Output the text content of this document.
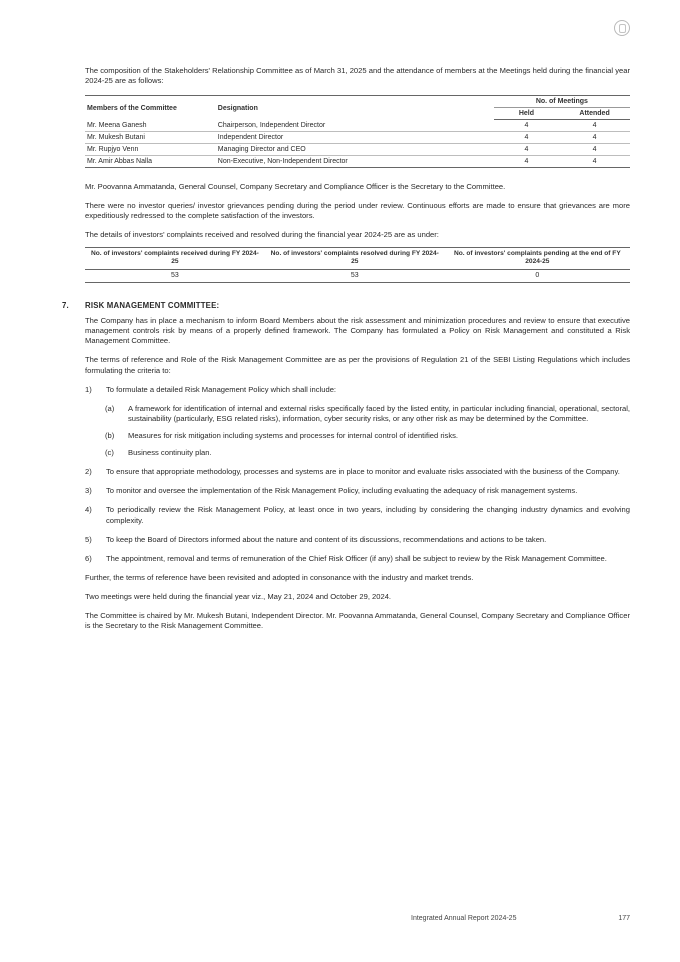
The composition of the Stakeholders' Relationship Committee as of March 31, 2025 and the attendance of members at the Meetings held during the financial year 2024-25 are as follows:

Members of the Committee	Designation	No. of Meetings	
		Held	Attended
Mr. Meena Ganesh	Chairperson, Independent Director	4	4
Mr. Mukesh Butani	Independent Director	4	4
Mr. Rupjyo Venn	Managing Director and CEO	4	4
Mr. Amir Abbas Nalla	Non-Executive, Non-Independent Director	4	4

Mr. Poovanna Ammatanda, General Counsel, Company Secretary and Compliance Officer is the Secretary to the Committee.

There were no investor queries/ investor grievances pending during the period under review. Continuous efforts are made to ensure that grievances are more expeditiously redressed to the complete satisfaction of the investors.

The details of investors' complaints received and resolved during the financial year 2024-25 are as under:

No. of investors' complaints received during FY 2024-25	No. of investors' complaints resolved during FY 2024-25	No. of investors' complaints pending at the end of FY 2024-25
53	53	0
7. RISK MANAGEMENT COMMITTEE:

The Company has in place a mechanism to inform Board Members about the risk assessment and minimization procedures and review to ensure that executive management controls risk by means of a properly defined framework. The Company has formulated a Policy on Risk Management and constituted a Risk Management Committee.

The terms of reference and Role of the Risk Management Committee are as per the provisions of Regulation 21 of the SEBI Listing Regulations which includes formulating the criteria to:

1)	To formulate a detailed Risk Management Policy which shall include:
(a)	A framework for identification of internal and external risks specifically faced by the listed entity, in particular including financial, operational, sectoral, sustainability (particularly, ESG related risks), information, cyber security risks, or any other risk as may be determined by the Committee.
(b)	Measures for risk mitigation including systems and processes for internal control of identified risks.
(c)	Business continuity plan.
2)	To ensure that appropriate methodology, processes and systems are in place to monitor and evaluate risks associated with the business of the Company.
3)	To monitor and oversee the implementation of the Risk Management Policy, including evaluating the adequacy of risk management systems.
4)	To periodically review the Risk Management Policy, at least once in two years, including by considering the changing industry dynamics and evolving complexity.
5)	To keep the Board of Directors informed about the nature and content of its discussions, recommendations and actions to be taken.
6)	The appointment, removal and terms of remuneration of the Chief Risk Officer (if any) shall be subject to review by the Risk Management Committee.

Further, the terms of reference have been revisited and adopted in consonance with the industry and market trends.

Two meetings were held during the financial year viz., May 21, 2024 and October 29, 2024.

The Committee is chaired by Mr. Mukesh Butani, Independent Director. Mr. Poovanna Ammatanda, General Counsel, Company Secretary and Compliance Officer is the Secretary to the Risk Management Committee.

Integrated Annual Report 2024-25	177
